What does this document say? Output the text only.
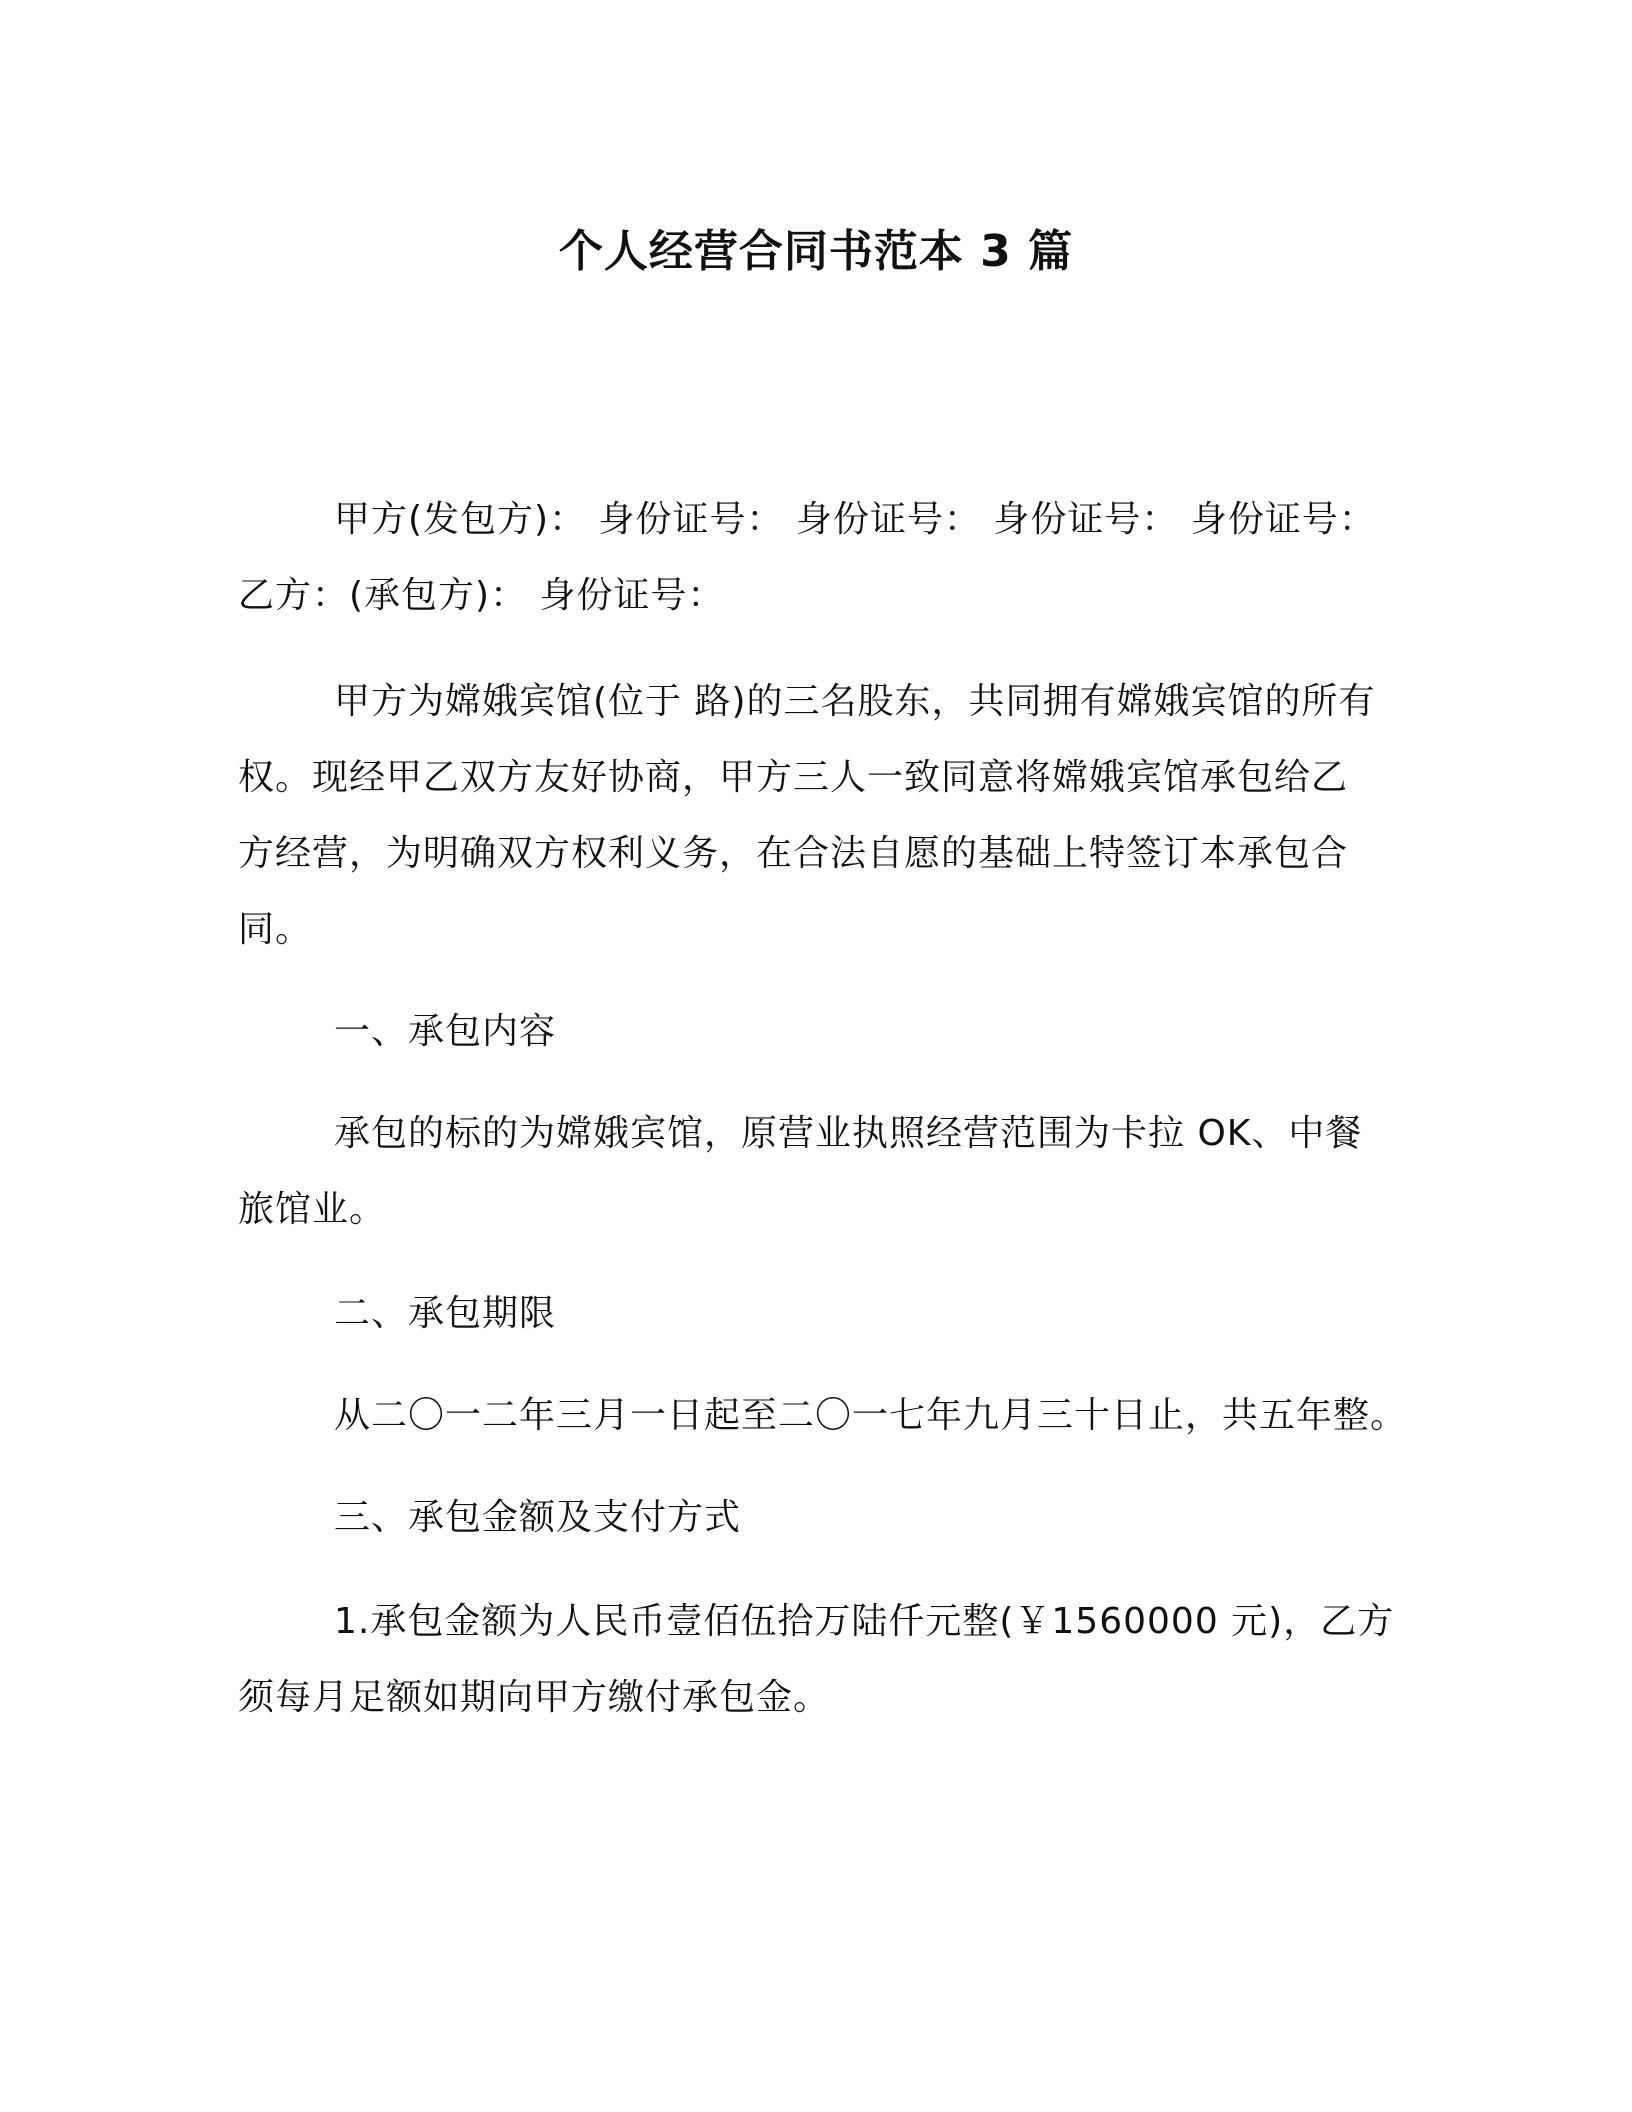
个人经营合同书范本 3 篇
甲方(发包方)： 身份证号： 身份证号： 身份证号： 身份证号：
乙方：(承包方)： 身份证号：
甲方为嫦娥宾馆(位于 路)的三名股东，共同拥有嫦娥宾馆的所有
权。现经甲乙双方友好协商，甲方三人一致同意将嫦娥宾馆承包给乙
方经营，为明确双方权利义务，在合法自愿的基础上特签订本承包合
同。
一、承包内容
承包的标的为嫦娥宾馆，原营业执照经营范围为卡拉 OK、中餐
旅馆业。
二、承包期限
从二〇一二年三月一日起至二〇一七年九月三十日止，共五年整。
三、承包金额及支付方式
1.承包金额为人民币壹佰伍拾万陆仟元整(￥1560000 元)，乙方
须每月足额如期向甲方缴付承包金。
